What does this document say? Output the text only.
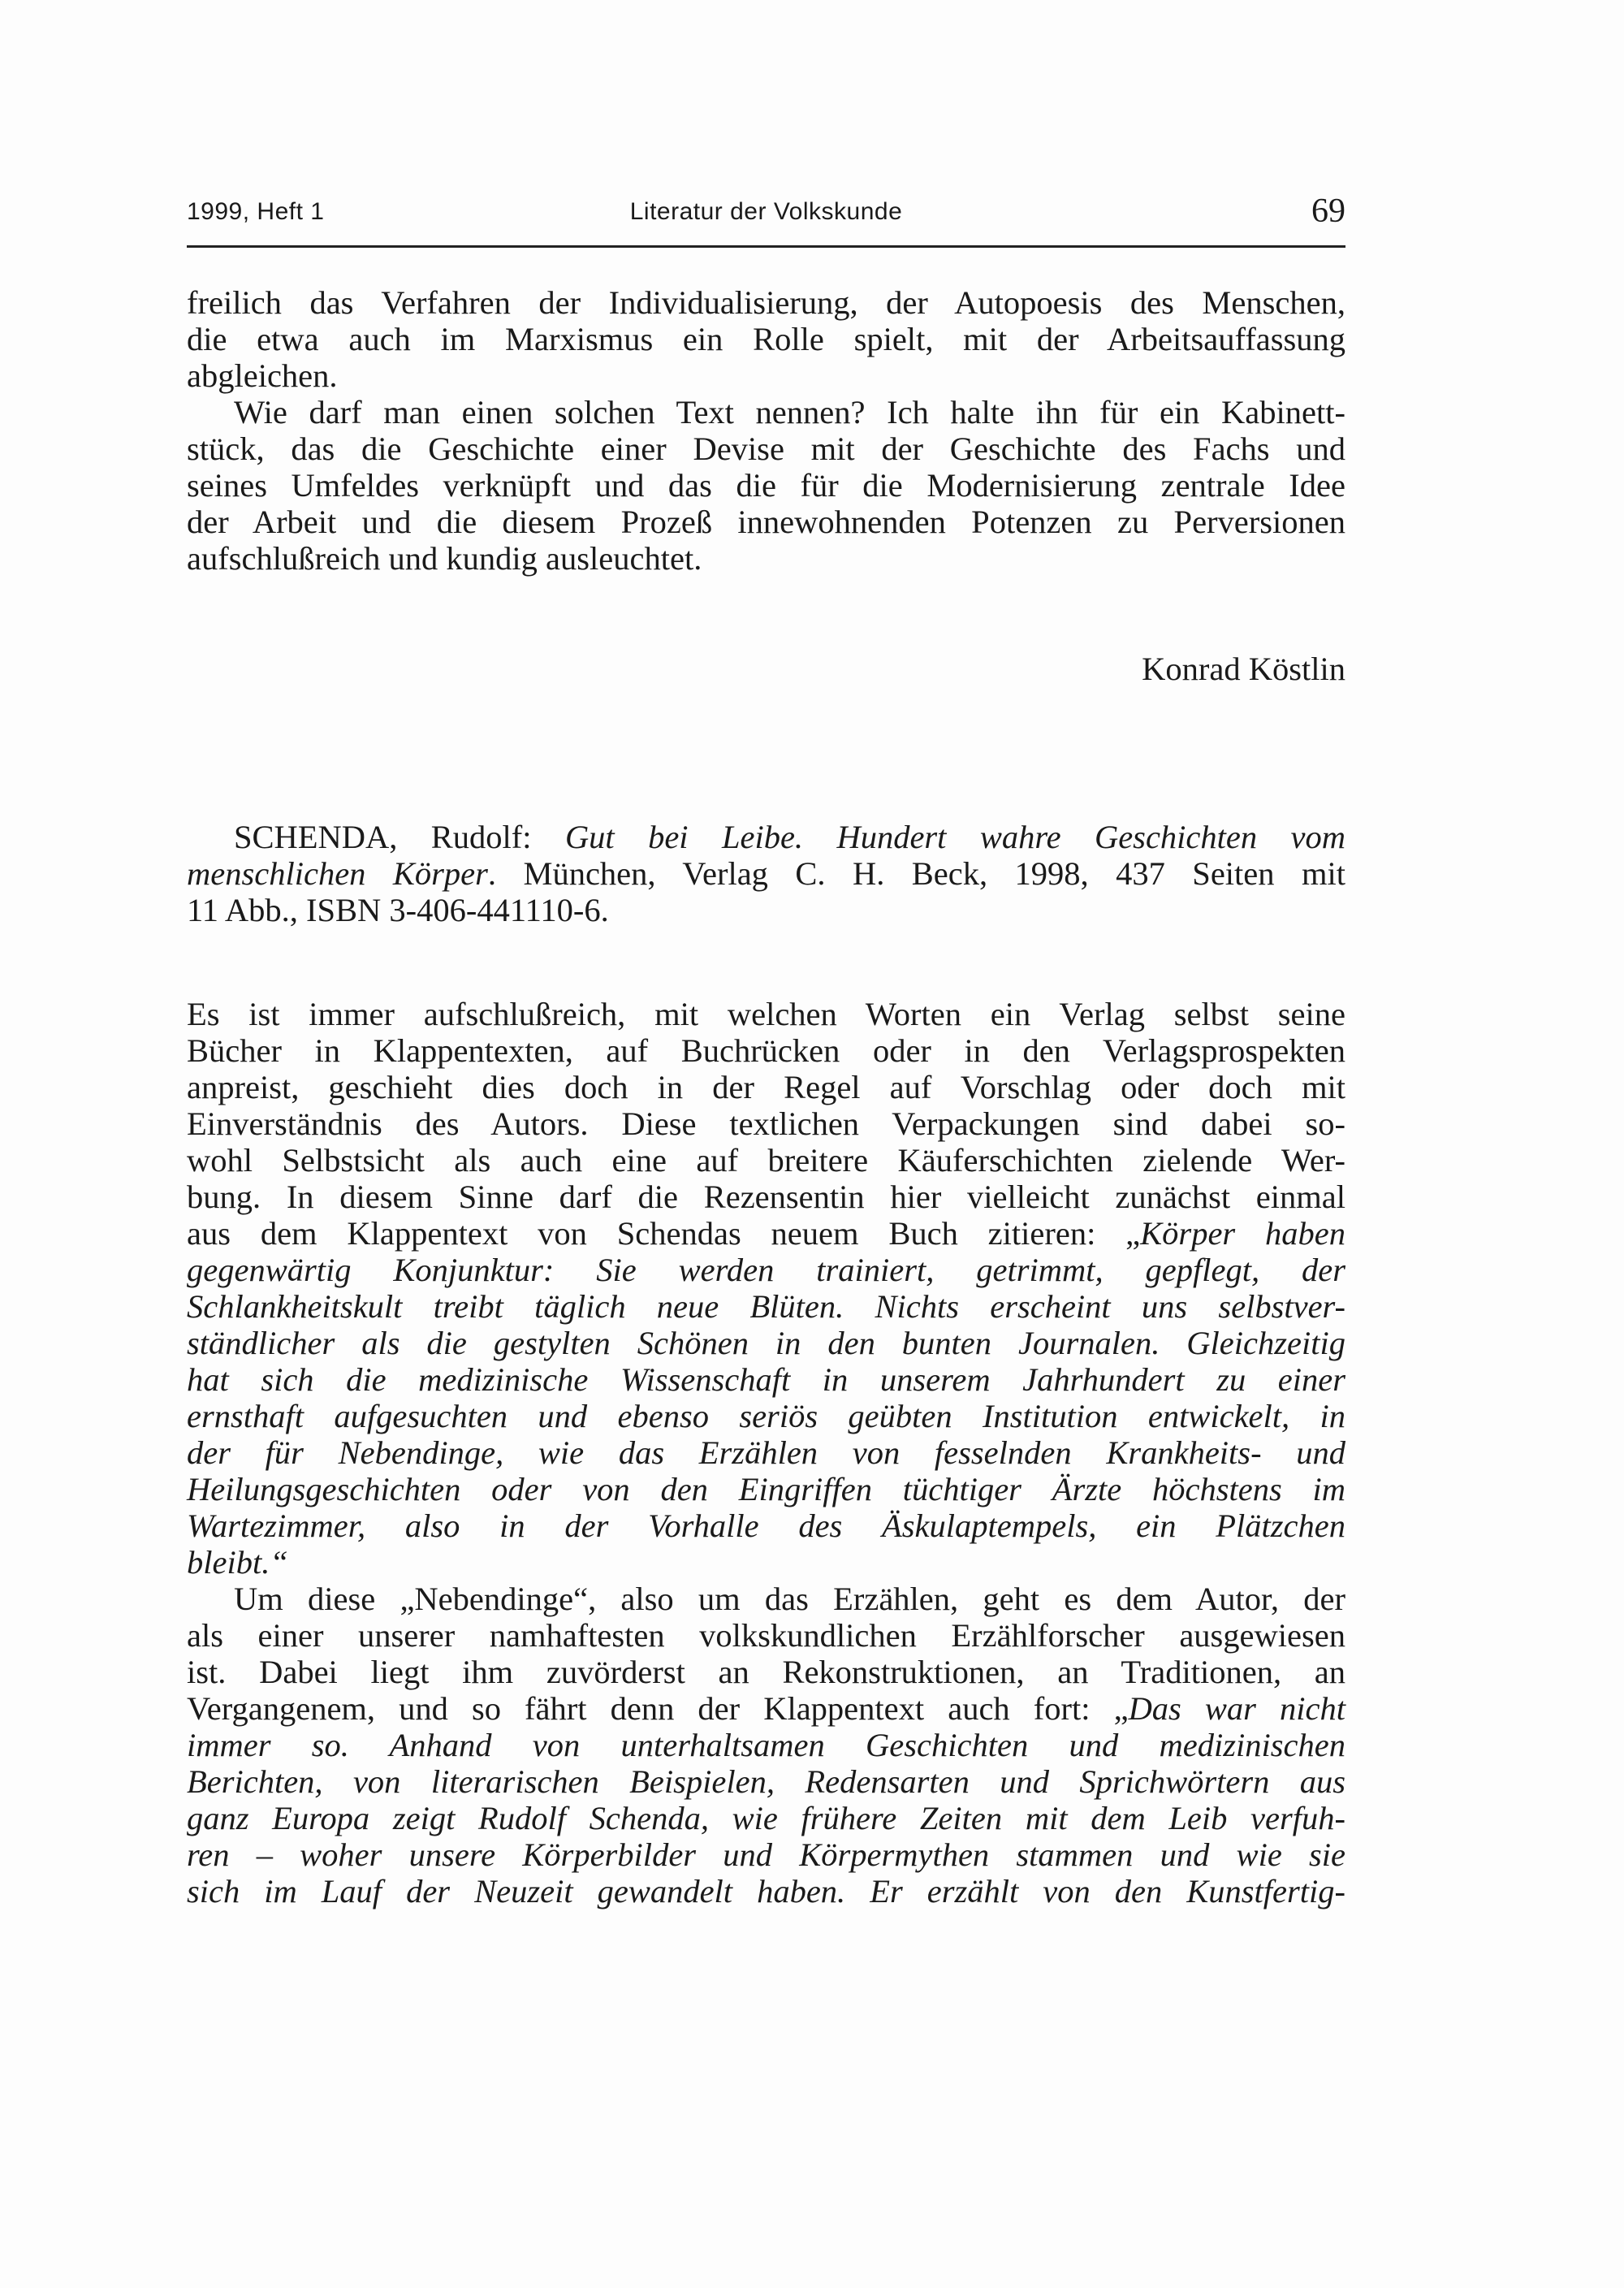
1999, Heft 1	Literatur der Volkskunde	69
freilich das Verfahren der Individualisierung, der Autopoesis des Menschen,
die etwa auch im Marxismus ein Rolle spielt, mit der Arbeitsauffassung
abgleichen.
Wie darf man einen solchen Text nennen? Ich halte ihn für ein Kabinett-
stück, das die Geschichte einer Devise mit der Geschichte des Fachs und
seines Umfeldes verknüpft und das die für die Modernisierung zentrale Idee
der Arbeit und die diesem Prozeß innewohnenden Potenzen zu Perversionen
aufschlußreich und kundig ausleuchtet.
Konrad Köstlin
SCHENDA, Rudolf: Gut bei Leibe. Hundert wahre Geschichten vom
menschlichen Körper. München, Verlag C. H. Beck, 1998, 437 Seiten mit
11 Abb., ISBN 3-406-441110-6.
Es ist immer aufschlußreich, mit welchen Worten ein Verlag selbst seine
Bücher in Klappentexten, auf Buchrücken oder in den Verlagsprospekten
anpreist, geschieht dies doch in der Regel auf Vorschlag oder doch mit
Einverständnis des Autors. Diese textlichen Verpackungen sind dabei so-
wohl Selbstsicht als auch eine auf breitere Käuferschichten zielende Wer-
bung. In diesem Sinne darf die Rezensentin hier vielleicht zunächst einmal
aus dem Klappentext von Schendas neuem Buch zitieren: „Körper haben
gegenwärtig Konjunktur: Sie werden trainiert, getrimmt, gepflegt, der
Schlankheitskult treibt täglich neue Blüten. Nichts erscheint uns selbstver-
ständlicher als die gestylten Schönen in den bunten Journalen. Gleichzeitig
hat sich die medizinische Wissenschaft in unserem Jahrhundert zu einer
ernsthaft aufgesuchten und ebenso seriös geübten Institution entwickelt, in
der für Nebendinge, wie das Erzählen von fesselnden Krankheits- und
Heilungsgeschichten oder von den Eingriffen tüchtiger Ärzte höchstens im
Wartezimmer, also in der Vorhalle des Äskulaptempels, ein Plätzchen
bleibt.“
Um diese „Nebendinge“, also um das Erzählen, geht es dem Autor, der
als einer unserer namhaftesten volkskundlichen Erzählforscher ausgewiesen
ist. Dabei liegt ihm zuvörderst an Rekonstruktionen, an Traditionen, an
Vergangenem, und so fährt denn der Klappentext auch fort: „Das war nicht
immer so. Anhand von unterhaltsamen Geschichten und medizinischen
Berichten, von literarischen Beispielen, Redensarten und Sprichwörtern aus
ganz Europa zeigt Rudolf Schenda, wie frühere Zeiten mit dem Leib verfuh-
ren – woher unsere Körperbilder und Körpermythen stammen und wie sie
sich im Lauf der Neuzeit gewandelt haben. Er erzählt von den Kunstfertig-
